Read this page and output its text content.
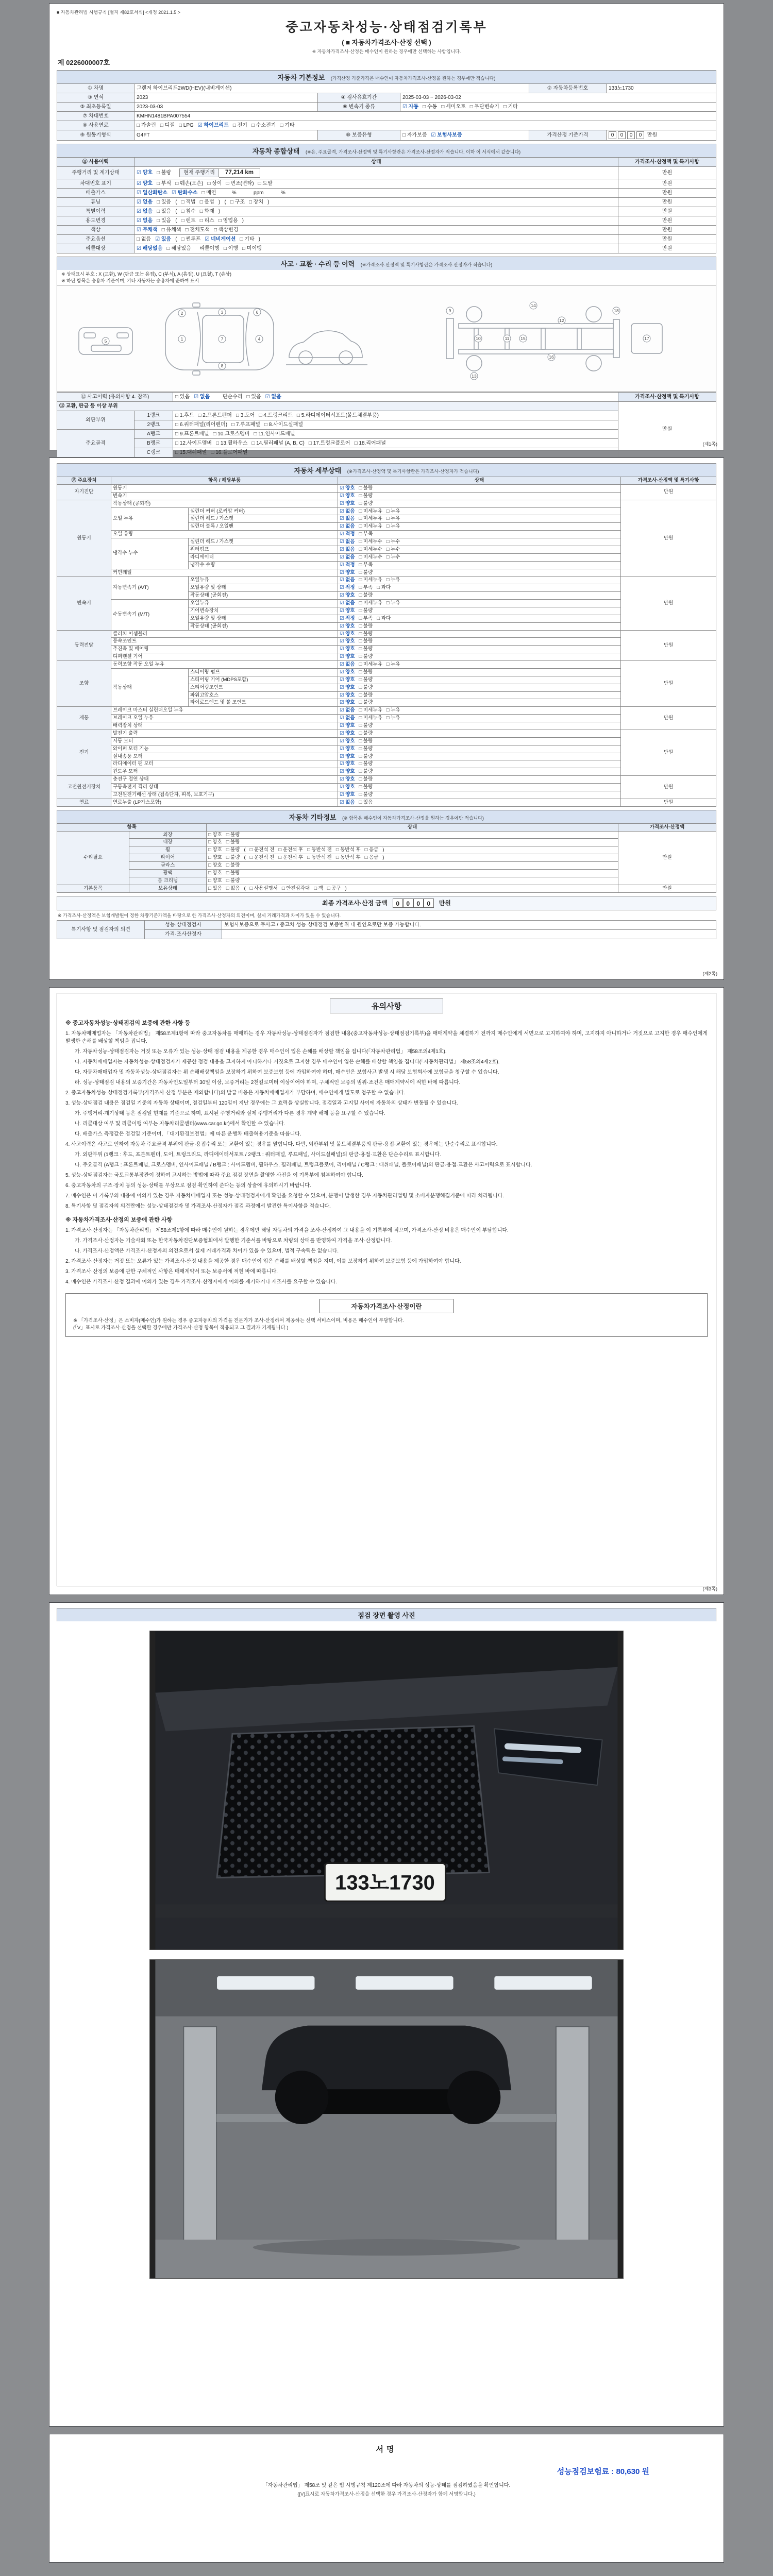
■ 자동차관리법 시행규칙 [별지 제82호서식] <개정 2021.1.5.>
중고자동차성능·상태점검기록부
( ■ 자동차가격조사·산정 선택 )
※ 자동차가격조사·산정은 매수인이 원하는 경우에만 선택하는 사항입니다.
제 0226000007호
자동차 기본정보 (가격산정 기준가격은 매수인이 자동차가격조사·산정을 원하는 경우에만 적습니다)
① 차명	그랜저 하이브리드2WD(HEV)(내비게이션)			② 자동차등록번호	133노1730
③ 연식	2023	④ 검사유효기간	2025-03-03 ~ 2026-03-02		
⑤ 최초등록일	2023-03-03	⑥ 변속기 종류	☑ 자동 □ 수동 □ 세미오토 □ 무단변속기 □ 기타		
⑦ 차대번호	KMHN1481BPA007554				
⑧ 사용연료	□ 가솔린 □ 디젤 □ LPG ☑ 하이브리드 □ 전기 □ 수소전기 □ 기타				
⑨ 원동기형식	G4FT	⑩ 보증유형	□ 자가보증 ☑ 보험사보증	가격산정 기준가격	0 0 0 0 만원
자동차 종합상태 (※은, 주요골격, 가격조사·산정액 및 특기사항란은 가격조사·산정자가 적습니다. 이하 이 서식에서 같습니다)
⑪ 사용이력	상태	가격조사·산정액 및 특기사항
주행거리 및 계기상태	☑ 양호 □ 불량 현재 주행거리 77,214 km	만원
차대번호 표기	☑ 양호 □ 부식 □ 훼손(오손) □ 상이 □ 변조(변타) □ 도말	만원
배출가스	☑ 일산화탄소 ☑ 탄화수소 □ 매연        %            ppm            %	만원
튜닝	☑ 없음 □ 있음 ( □ 적법 □ 불법 )   ( □ 구조 □ 장치 )	만원
특별이력	☑ 없음 □ 있음 ( □ 침수 □ 화재 )	만원
용도변경	☑ 없음 □ 있음 ( □ 렌트 □ 리스 □ 영업용 )	만원
색상	☑ 무채색 □ 유채색 □ 전체도색 □ 색상변경	만원
주요옵션	□ 없음 ☑ 있음 ( □ 썬루프 ☑ 네비게이션 □ 기타 )	만원
리콜대상	☑ 해당없음 □ 해당있음   리콜이행 □ 이행 □ 미이행	만원
사고 · 교환 · 수리 등 이력 (※가격조사·산정액 및 특기사항란은 가격조사·산정자가 적습니다)
※ 상태표시 부호 : X (교환), W (판금 또는 용접), C (부식), A (흠집), U (요철), T (손상)
※ 하단 항목은 승용차 기준이며, 기타 자동차는 승용차에 준하여 표시
1
2	3
4
5
6
7
8
9
10	11
12
13
14
15
16
17
18
⑫ 사고이력 (유의사항 4. 참조)		□ 있음 ☑ 없음      단순수리 □ 있음 ☑ 없음	가격조사·산정액 및 특기사항
⑬ 교환, 판금 등 이상 부위			만원
외판부위	1랭크	□ 1.후드 □ 2.프론트펜더 □ 3.도어 □ 4.트렁크리드 □ 5.라디에이터서포트(볼트체결부품)	
	2랭크	□ 6.쿼터패널(리어펜더) □ 7.루프패널 □ 8.사이드실패널	
주요골격	A랭크	□ 9.프론트패널 □ 10.크로스멤버 □ 11.인사이드패널	
	B랭크	□ 12.사이드멤버 □ 13.휠하우스 □ 14.필러패널 (A, B, C) □ 17.트렁크플로어 □ 18.리어패널	
	C랭크	□ 15.대쉬패널 □ 16.플로어패널	
(제1쪽)
자동차 세부상태 (※가격조사·산정액 및 특기사항란은 가격조사·산정자가 적습니다)
⑮ 주요장치	항목 / 해당부품		상태	가격조사·산정액 및 특기사항
자기진단	원동기		☑ 양호 □ 불량	만원
	변속기		☑ 양호 □ 불량	
원동기	작동상태 (공회전)		☑ 양호 □ 불량	만원
	오일 누유	실린더 커버 (로커암 커버)	☑ 없음 □ 미세누유 □ 누유	
		실린더 헤드 / 가스켓	☑ 없음 □ 미세누유 □ 누유	
		실린더 블록 / 오일팬	☑ 없음 □ 미세누유 □ 누유	
	오일 유량		☑ 적정 □ 부족	
	냉각수 누수	실린더 헤드 / 가스켓	☑ 없음 □ 미세누수 □ 누수	
		워터펌프	☑ 없음 □ 미세누수 □ 누수	
		라디에이터	☑ 없음 □ 미세누수 □ 누수	
		냉각수 수량	☑ 적정 □ 부족	
	커먼레일		☑ 양호 □ 불량	
변속기	자동변속기 (A/T)	오일누유	☑ 없음 □ 미세누유 □ 누유	만원
		오일유량 및 상태	☑ 적정 □ 부족 □ 과다	
		작동상태 (공회전)	☑ 양호 □ 불량	
	수동변속기 (M/T)	오일누유	☑ 없음 □ 미세누유 □ 누유	
		기어변속장치	☑ 양호 □ 불량	
		오일유량 및 상태	☑ 적정 □ 부족 □ 과다	
		작동상태 (공회전)	☑ 양호 □ 불량	
동력전달	클러치 어셈블리		☑ 양호 □ 불량	만원
	등속조인트		☑ 양호 □ 불량	
	추진축 및 베어링		☑ 양호 □ 불량	
	디퍼렌셜 기어		☑ 양호 □ 불량	
조향	동력조향 작동 오일 누유		☑ 없음 □ 미세누유 □ 누유	만원
	작동상태	스티어링 펌프	☑ 양호 □ 불량	
		스티어링 기어 (MDPS포함)	☑ 양호 □ 불량	
		스티어링조인트	☑ 양호 □ 불량	
		파워고압호스	☑ 양호 □ 불량	
		타이로드엔드 및 볼 조인트	☑ 양호 □ 불량	
제동	브레이크 마스터 실린더오일 누유		☑ 없음 □ 미세누유 □ 누유	만원
	브레이크 오일 누유		☑ 없음 □ 미세누유 □ 누유	
	배력장치 상태		☑ 양호 □ 불량	
전기	발전기 출력		☑ 양호 □ 불량	만원
	시동 모터		☑ 양호 □ 불량	
	와이퍼 모터 기능		☑ 양호 □ 불량	
	실내송풍 모터		☑ 양호 □ 불량	
	라디에이터 팬 모터		☑ 양호 □ 불량	
	윈도우 모터		☑ 양호 □ 불량	
고전원전기장치	충전구 절연 상태		☑ 양호 □ 불량	만원
	구동축전지 격리 상태		☑ 양호 □ 불량	
	고전원전기배선 상태 (접속단자, 피복, 보호기구)		☑ 양호 □ 불량	
연료	연료누출 (LP가스포함)		☑ 없음 □ 있음	만원
자동차 기타정보 (※ 항목은 매수인이 자동차가격조사·산정을 원하는 경우에만 적습니다)
항목		상태	가격조사·산정액
수리필요	외장	□ 양호 □ 불량	만원
	내장	□ 양호 □ 불량	
	휠	□ 양호 □ 불량 ( □ 운전석 전 □ 운전석 후 □ 동반석 전 □ 동반석 후 □ 응급 )	
	타이어	□ 양호 □ 불량 ( □ 운전석 전 □ 운전석 후 □ 동반석 전 □ 동반석 후 □ 응급 )	
	글라스	□ 양호 □ 불량	
	광택	□ 양호 □ 불량	
	룸 크리닝	□ 양호 □ 불량	
기본품목	보유상태	□ 있음 □ 없음 ( □ 사용설명서 □ 안전삼각대 □ 잭 □ 공구 )	만원
최종 가격조사·산정 금액	0 0 0 0	만원
※ 가격조사·산정액은 보험개발원이 정한 차량기준가액을 바탕으로 한 가격조사·산정자의 의견이며, 실제 거래가격과 차이가 있을 수 있습니다.
특기사항 및 점검자의 의견	성능·상태점검자	보험사보증으로 무사고 / 중고차 성능·상태점검 보증범위 내 원인으로만 보증 가능합니다.
	가격·조사산정자	
(제2쪽)
유의사항
※ 중고자동차성능·상태점검의 보증에 관한 사항 등
1. 자동차매매업자는 「자동차관리법」 제58조제1항에 따라 중고자동차를 매매하는 경우 자동차성능·상태점검자가 점검한 내용(중고자동차성능·상태점검기록부)을 매매계약을 체결하기 전까지 매수인에게 서면으로 고지하여야 하며, 고지하지 아니하거나 거짓으로 고지한 경우 매수인에게 발생한 손해를 배상할 책임을 집니다.
가. 자동차성능·상태점검자는 거짓 또는 오류가 있는 성능·상태 점검 내용을 제공한 경우 매수인이 입은 손해를 배상할 책임을 집니다(「자동차관리법」 제58조의4제1호).
나. 자동차매매업자는 자동차성능·상태점검자가 제공한 점검 내용을 고지하지 아니하거나 거짓으로 고지한 경우 매수인이 입은 손해를 배상할 책임을 집니다(「자동차관리법」 제58조의4제2호).
다. 자동차매매업자 및 자동차성능·상태점검자는 위 손해배상책임을 보장하기 위하여 보증보험 등에 가입하여야 하며, 매수인은 보험사고 발생 시 해당 보험회사에 보험금을 청구할 수 있습니다.
라. 성능·상태점검 내용의 보증기간은 자동차인도일부터 30일 이상, 보증거리는 2천킬로미터 이상이어야 하며, 구체적인 보증의 범위·조건은 매매계약서에 적힌 바에 따릅니다.
2. 중고자동차성능·상태점검기록부(가격조사·산정 부분은 제외합니다)의 발급 비용은 자동차매매업자가 부담하며, 매수인에게 별도로 청구할 수 없습니다.
3. 성능·상태점검 내용은 점검일 기준의 자동차 상태이며, 점검일부터 120일이 지난 경우에는 그 효력을 상실합니다. 점검일과 고지일 사이에 자동차의 상태가 변동될 수 있습니다.
가. 주행거리·계기상태 등은 점검일 현재를 기준으로 하며, 표시된 주행거리와 실제 주행거리가 다른 경우 계약 해제 등을 요구할 수 있습니다.
나. 리콜대상 여부 및 리콜이행 여부는 자동차리콜센터(www.car.go.kr)에서 확인할 수 있습니다.
다. 배출가스 측정값은 점검일 기준이며, 「대기환경보전법」에 따른 운행차 배출허용기준을 따릅니다.
4. 사고이력은 사고로 인하여 자동차 주요골격 부위에 판금·용접수리 또는 교환이 있는 경우를 말합니다. 다만, 외판부위 및 볼트체결부품의 판금·용접·교환이 있는 경우에는 단순수리로 표시합니다.
가. 외판부위 (1랭크 : 후드, 프론트펜더, 도어, 트렁크리드, 라디에이터서포트 / 2랭크 : 쿼터패널, 루프패널, 사이드실패널)의 판금·용접·교환은 단순수리로 표시합니다.
나. 주요골격 (A랭크 : 프론트패널, 크로스멤버, 인사이드패널 / B랭크 : 사이드멤버, 휠하우스, 필러패널, 트렁크플로어, 리어패널 / C랭크 : 대쉬패널, 플로어패널)의 판금·용접·교환은 사고이력으로 표시합니다.
5. 성능·상태점검자는 국토교통부장관이 정하여 고시하는 방법에 따라 주요 점검 장면을 촬영한 사진을 이 기록부에 첨부하여야 합니다.
6. 중고자동차의 구조·장치 등의 성능·상태를 무상으로 점검·확인하여 준다는 등의 상술에 유의하시기 바랍니다.
7. 매수인은 이 기록부의 내용에 이의가 있는 경우 자동차매매업자 또는 성능·상태점검자에게 확인을 요청할 수 있으며, 분쟁이 발생한 경우 자동차관리법령 및 소비자분쟁해결기준에 따라 처리됩니다.
8. 특기사항 및 점검자의 의견란에는 성능·상태점검자 및 가격조사·산정자가 점검 과정에서 발견한 특이사항을 적습니다.
※ 자동차가격조사·산정의 보증에 관한 사항
1. 가격조사·산정자는 「자동차관리법」 제58조제1항에 따라 매수인이 원하는 경우에만 해당 자동차의 가격을 조사·산정하여 그 내용을 이 기록부에 적으며, 가격조사·산정 비용은 매수인이 부담합니다.
가. 가격조사·산정자는 기술사회 또는 한국자동차진단보증협회에서 발행한 기준서를 바탕으로 차량의 상태를 반영하여 가격을 조사·산정합니다.
나. 가격조사·산정액은 가격조사·산정자의 의견으로서 실제 거래가격과 차이가 있을 수 있으며, 법적 구속력은 없습니다.
2. 가격조사·산정자는 거짓 또는 오류가 있는 가격조사·산정 내용을 제공한 경우 매수인이 입은 손해를 배상할 책임을 지며, 이를 보장하기 위하여 보증보험 등에 가입하여야 합니다.
3. 가격조사·산정의 보증에 관한 구체적인 사항은 매매계약서 또는 보증서에 적힌 바에 따릅니다.
4. 매수인은 가격조사·산정 결과에 이의가 있는 경우 가격조사·산정자에게 이의를 제기하거나 재조사를 요구할 수 있습니다.
자동차가격조사·산정이란
※ 「가격조사·산정」은 소비자(매수인)가 원하는 경우 중고자동차의 가격을 전문가가 조사·산정하여 제공하는 선택 서비스이며, 비용은 매수인이 부담합니다.
(「V」표시로 가격조사·산정을 선택한 경우에만 가격조사·산정 항목이 적용되고 그 결과가 기재됩니다.)
(제3쪽)
점검 장면 촬영 사진
133노1730
서명
성능점검보험료 : 80,630 원
「자동차관리법」 제58조 및 같은 법 시행규칙 제120조에 따라 자동차의 성능·상태를 점검하였음을 확인합니다.
([V]표시로 자동차가격조사·산정을 선택한 경우 가격조사·산정자가 함께 서명합니다.)
